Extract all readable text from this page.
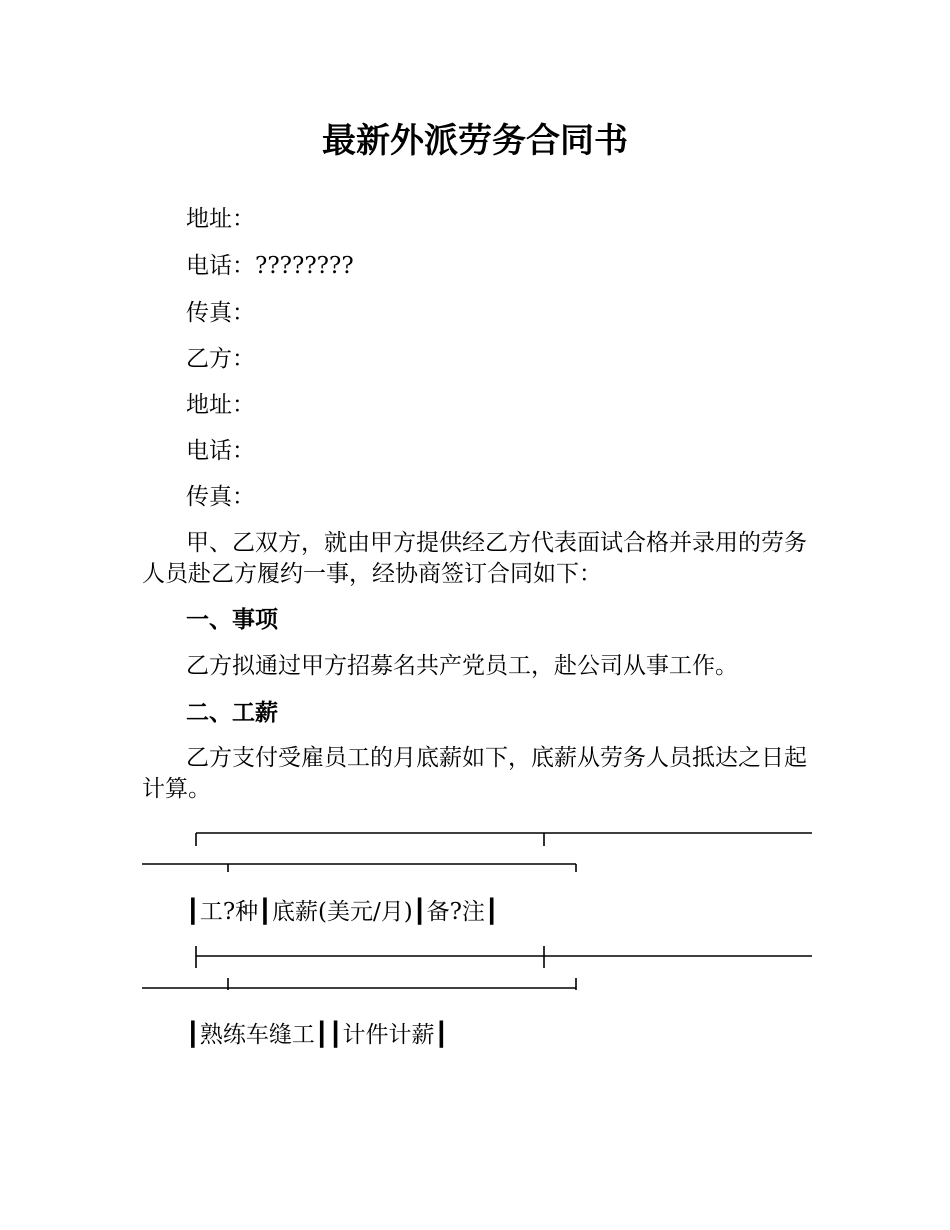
最新外派劳务合同书
地址：
电话：????????
传真：
乙方：
地址：
电话：
传真：

甲、乙双方，就由甲方提供经乙方代表面试合格并录用的劳务人员赴乙方履约一事，经协商签订合同如下：

一、事项
乙方拟通过甲方招募名共产党员工，赴公司从事工作。
二、工薪

乙方支付受雇员工的月底薪如下，底薪从劳务人员抵达之日起计算。

┃工?种┃底薪(美元/月)┃备?注┃
┃熟练车缝工┃┃计件计薪┃
